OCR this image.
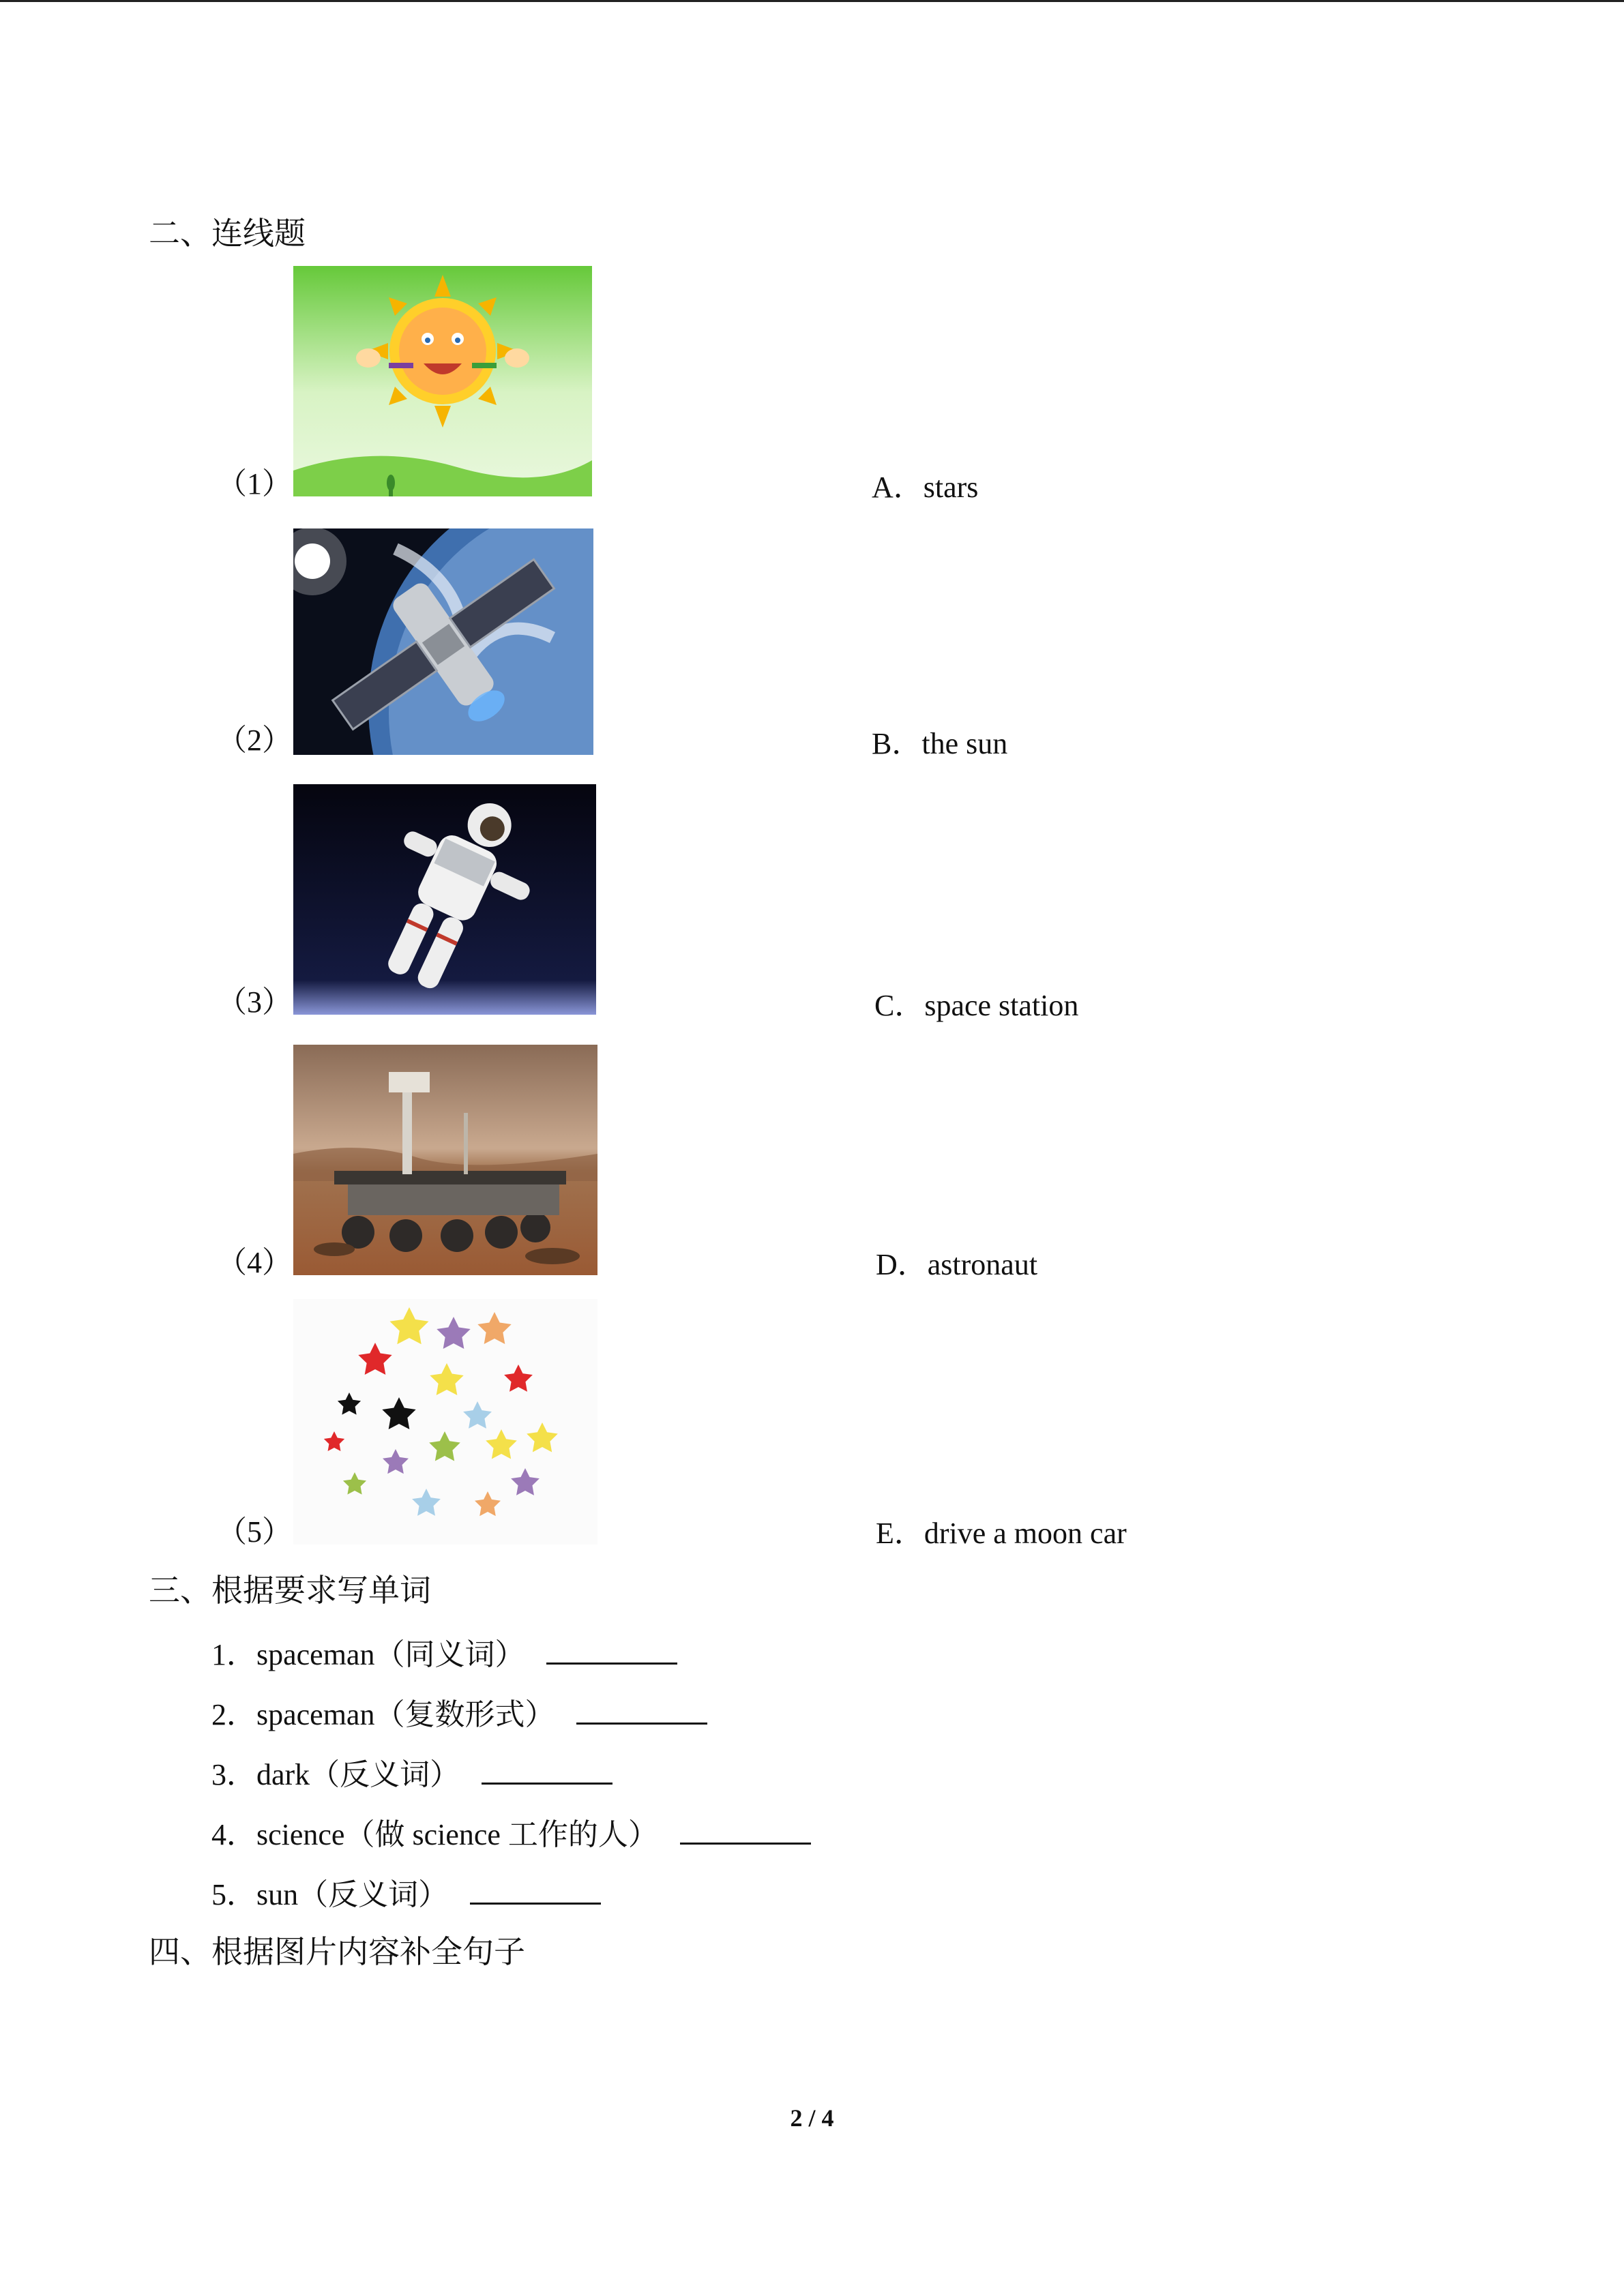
二、连线题
（1）	A．stars
（2）	B．the sun
（3）	C．space station
（4）	D．astronaut
（5）	E．drive a moon car
三、根据要求写单词
1．spaceman（同义词）
2．spaceman（复数形式）
3．dark（反义词）
4．science（做 science 工作的人）
5．sun（反义词）
四、根据图片内容补全句子
2 / 4
